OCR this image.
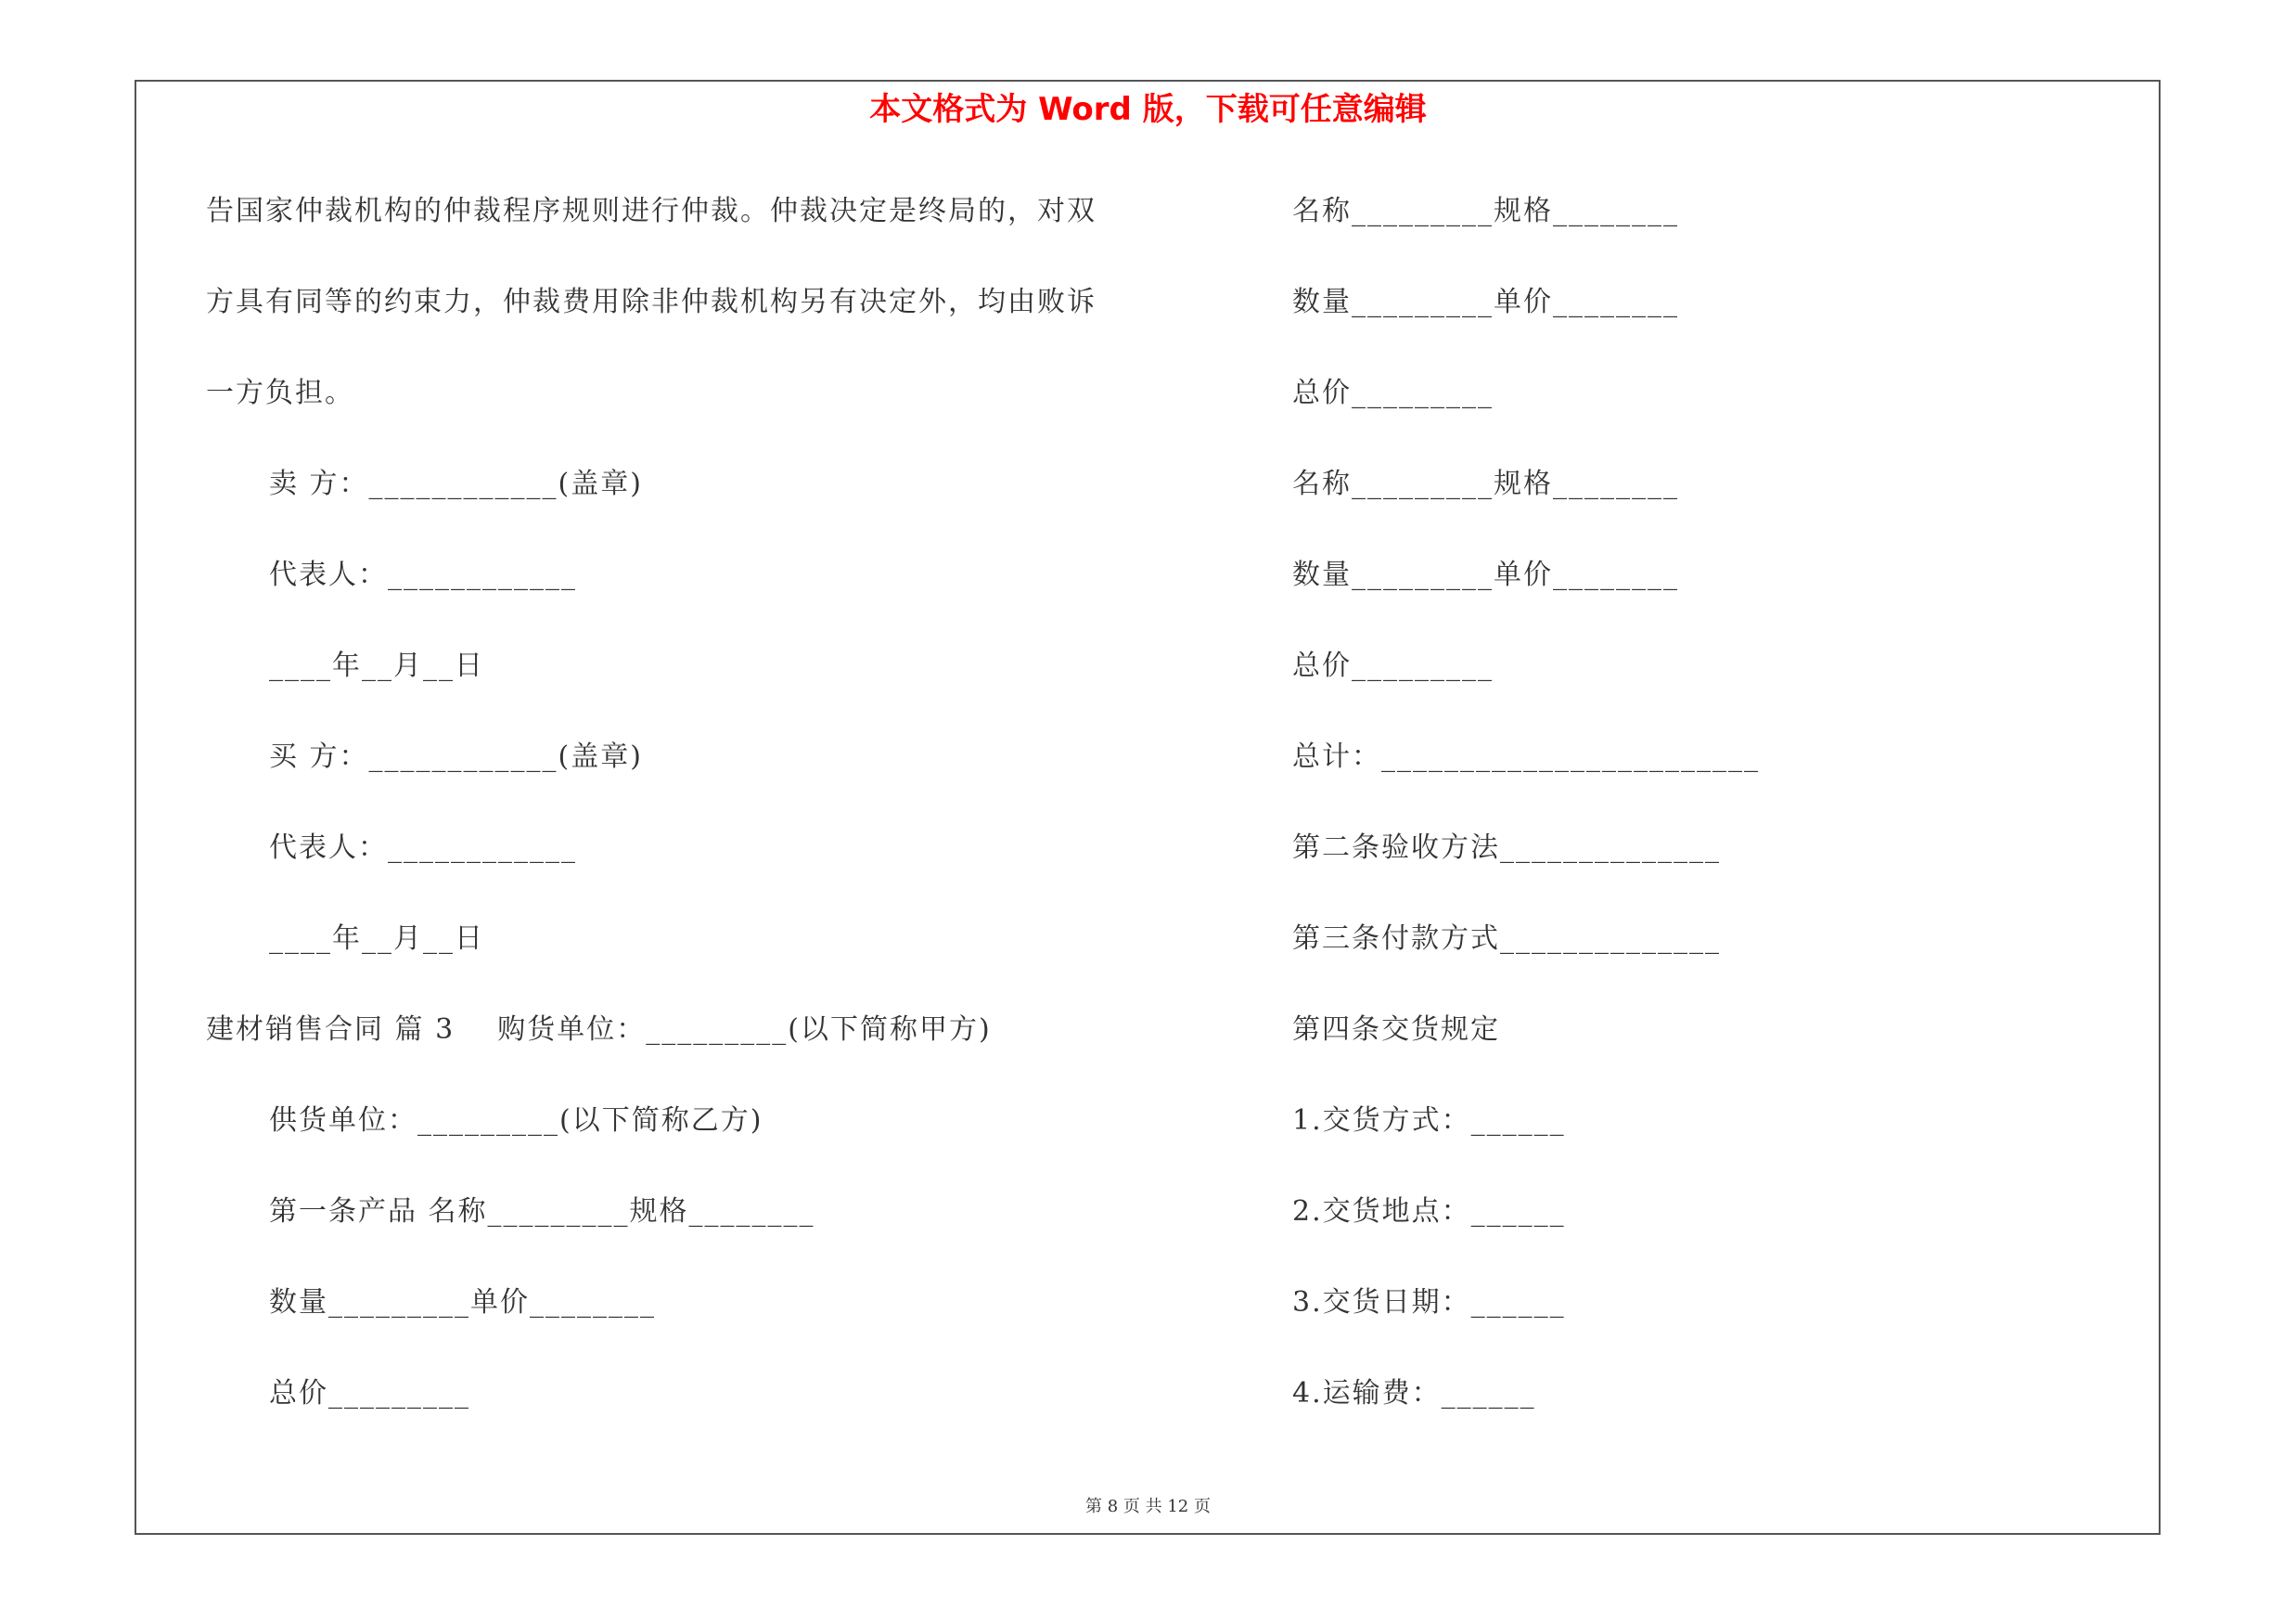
本文格式为 Word 版，下载可任意编辑
告国家仲裁机构的仲裁程序规则进行仲裁。仲裁决定是终局的，对双
方具有同等的约束力，仲裁费用除非仲裁机构另有决定外，均由败诉
一方负担。
卖 方：____________(盖章)
代表人：____________
____年__月__日
买 方：____________(盖章)
代表人：____________
____年__月__日
建材销售合同 篇 3    购货单位：_________(以下简称甲方)
供货单位：_________(以下简称乙方)
第一条产品 名称_________规格________
数量_________单价________
总价_________
名称_________规格________
数量_________单价________
总价_________
名称_________规格________
数量_________单价________
总价_________
总计：________________________
第二条验收方法______________
第三条付款方式______________
第四条交货规定
1.交货方式：______
2.交货地点：______
3.交货日期：______
4.运输费：______
第 8 页 共 12 页
